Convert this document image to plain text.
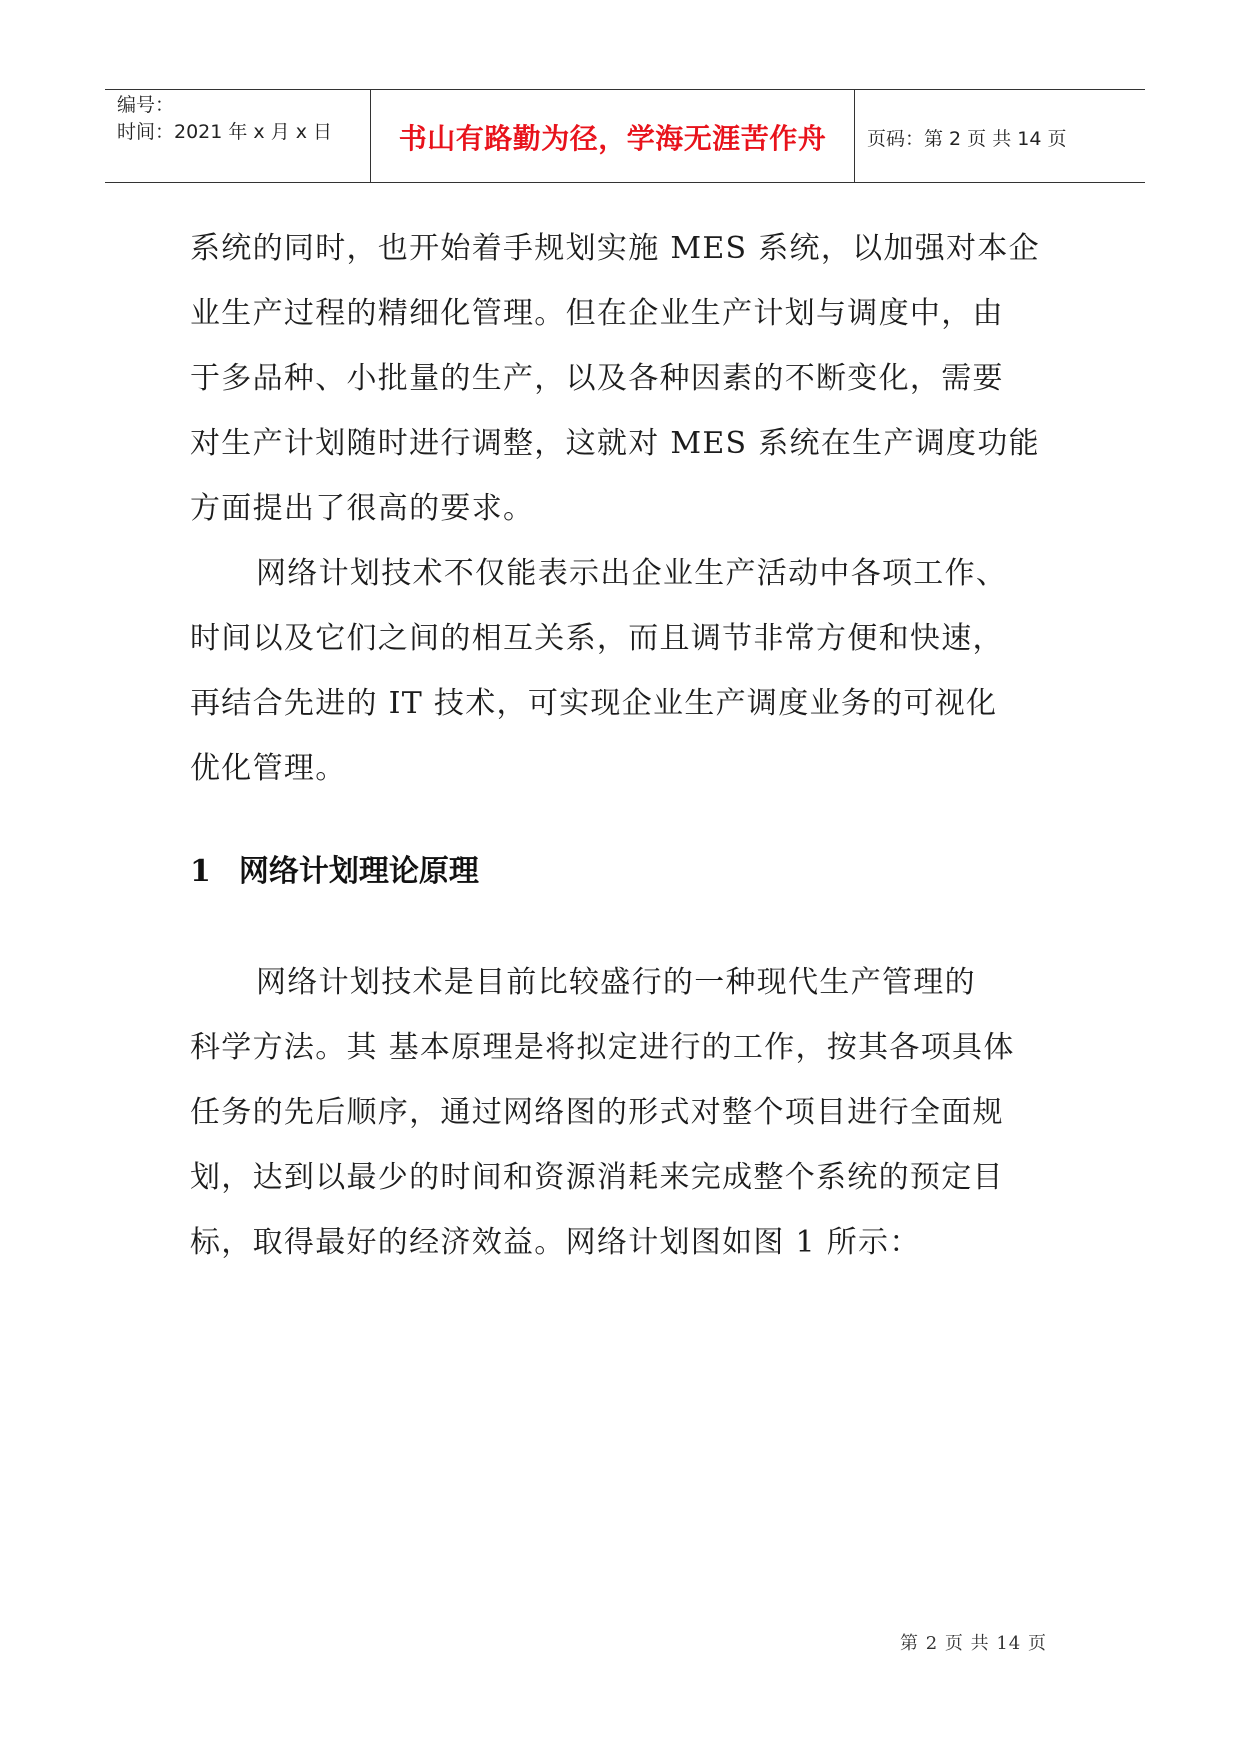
编号：
时间：2021 年 x 月 x 日	书山有路勤为径，学海无涯苦作舟	页码：第 2 页 共 14 页
系统的同时，也开始着手规划实施 MES 系统，以加强对本企
业生产过程的精细化管理。但在企业生产计划与调度中，由
于多品种、小批量的生产，以及各种因素的不断变化，需要
对生产计划随时进行调整，这就对 MES 系统在生产调度功能
方面提出了很高的要求。
网络计划技术不仅能表示出企业生产活动中各项工作、
时间以及它们之间的相互关系，而且调节非常方便和快速，
再结合先进的 IT 技术，可实现企业生产调度业务的可视化
优化管理。
1 网络计划理论原理
网络计划技术是目前比较盛行的一种现代生产管理的
科学方法。其 基本原理是将拟定进行的工作，按其各项具体
任务的先后顺序，通过网络图的形式对整个项目进行全面规
划，达到以最少的时间和资源消耗来完成整个系统的预定目
标，取得最好的经济效益。网络计划图如图 1 所示：
第 2 页 共 14 页
